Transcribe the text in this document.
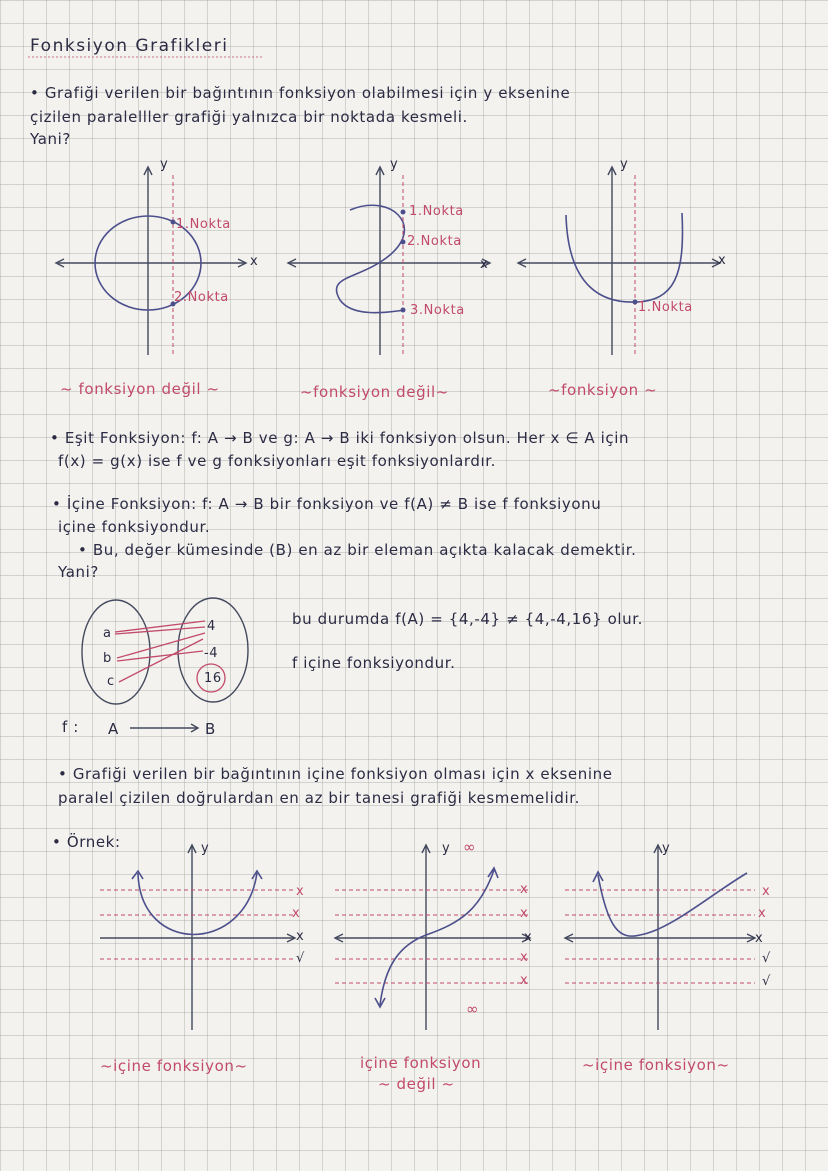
Fonksiyon Grafikleri
• Grafiği verilen bir bağıntının fonksiyon olabilmesi için y eksenine
çizilen paralelller grafiği yalnızca bir noktada kesmeli.
Yani?
y
x
1.Nokta
2.Nokta
y
x
1.Nokta
2.Nokta
3.Nokta
y
x
1.Nokta
~ fonksiyon değil ~	~fonksiyon değil~	~fonksiyon ~
• Eşit Fonksiyon: f: A → B ve g: A → B iki fonksiyon olsun. Her x ∈ A için
f(x) = g(x) ise f ve g fonksiyonları eşit fonksiyonlardır.
• İçine Fonksiyon: f: A → B bir fonksiyon ve f(A) ≠ B ise f fonksiyonu
içine fonksiyondur.
• Bu, değer kümesinde (B) en az bir eleman açıkta kalacak demektir.
Yani?
a
b
c
4
-4
16
f : A	B
bu durumda f(A) = {4,-4} ≠ {4,-4,16} olur.
f içine fonksiyondur.
• Grafiği verilen bir bağıntının içine fonksiyon olması için x eksenine
paralel çizilen doğrulardan en az bir tanesi grafiği kesmemelidir.
• Örnek:	y
x
x
x
√
y ∞
∞
x
x
x
x
x
y
x
x
x
√
√
~içine fonksiyon~	içine fonksiyon
~ değil ~
~içine fonksiyon~
